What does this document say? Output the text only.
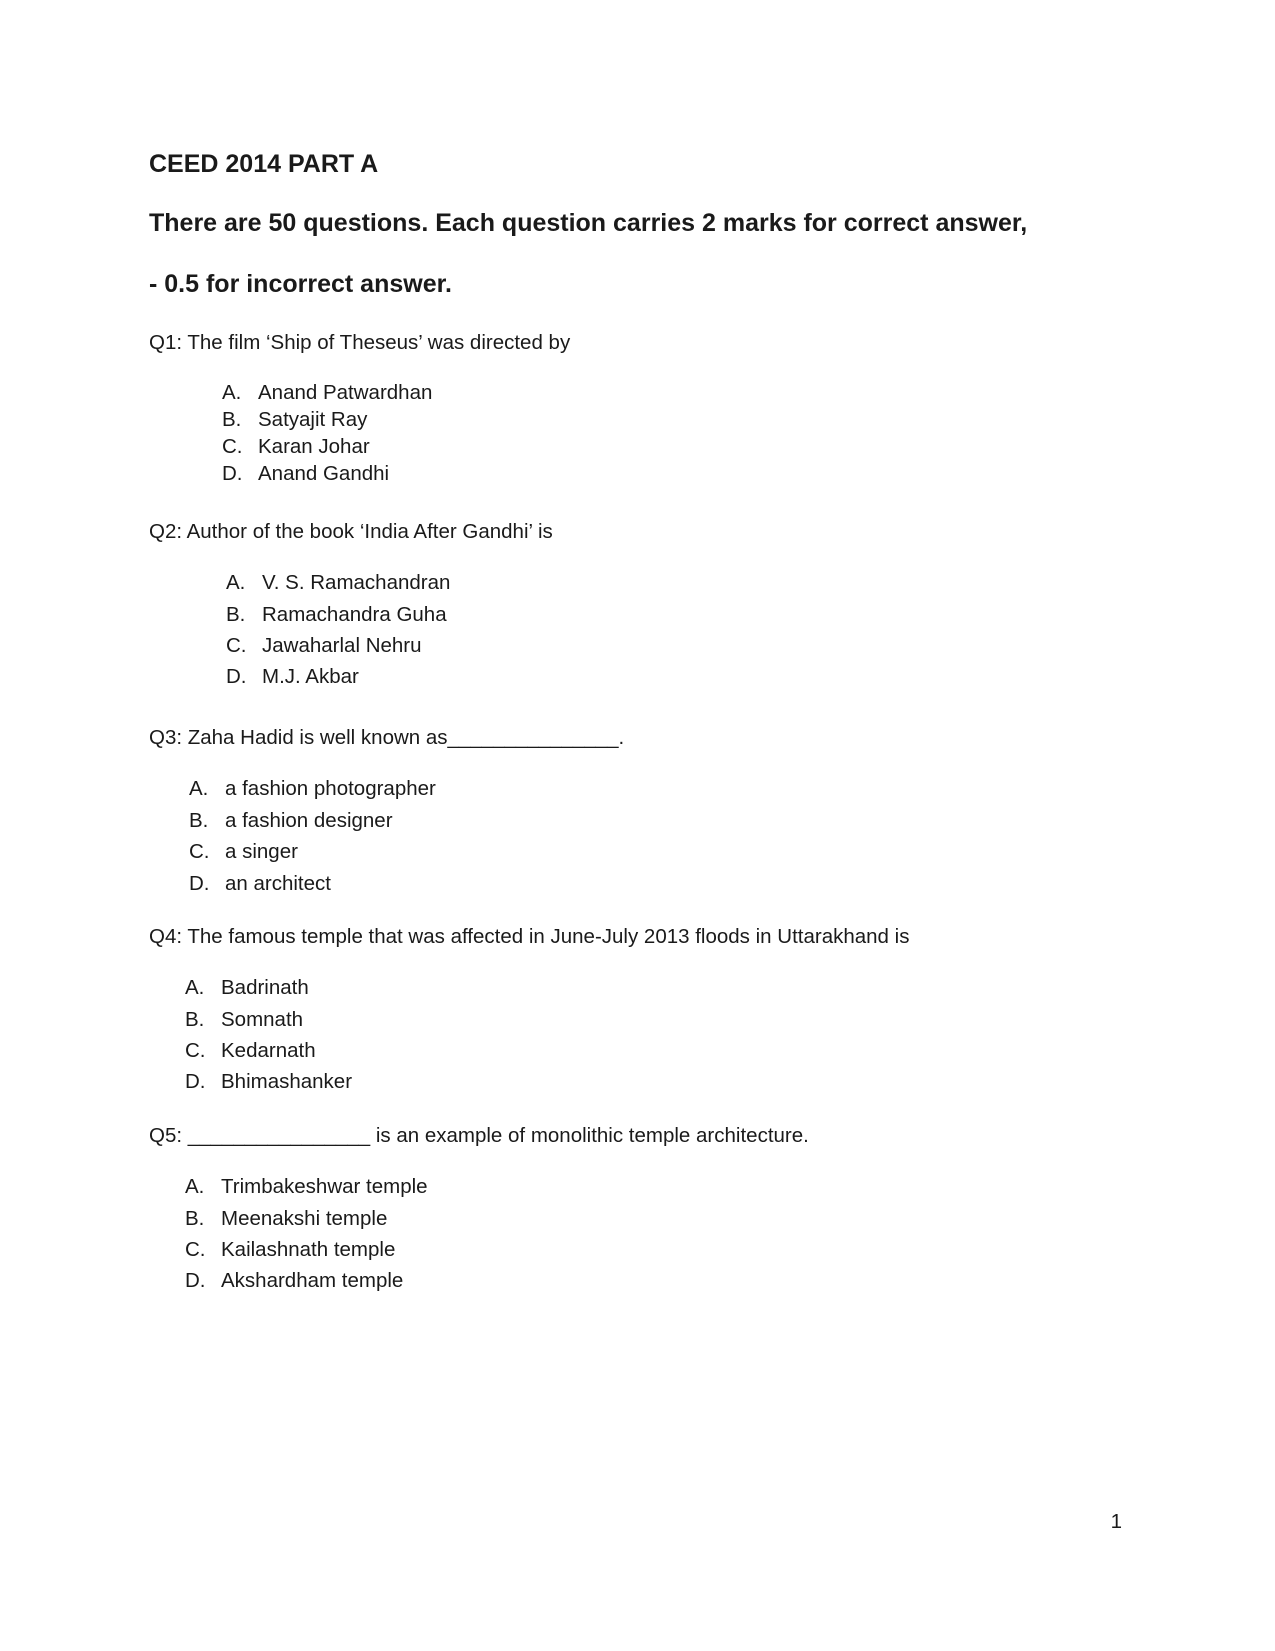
CEED 2014 PART A
There are 50 questions. Each question carries 2 marks for correct answer,
- 0.5 for incorrect answer.

Q1: The film ‘Ship of Theseus’ was directed by

A. Anand Patwardhan
B. Satyajit Ray
C. Karan Johar
D. Anand Gandhi

Q2: Author of the book ‘India After Gandhi’ is

A. V. S. Ramachandran
B. Ramachandra Guha
C. Jawaharlal Nehru
D. M.J. Akbar

Q3: Zaha Hadid is well known as_______________.

A. a fashion photographer
B. a fashion designer
C. a singer
D. an architect

Q4: The famous temple that was affected in June-July 2013 floods in Uttarakhand is

A. Badrinath
B. Somnath
C. Kedarnath
D. Bhimashanker

Q5: ________________ is an example of monolithic temple architecture.

A. Trimbakeshwar temple
B. Meenakshi temple
C. Kailashnath temple
D. Akshardham temple
1
